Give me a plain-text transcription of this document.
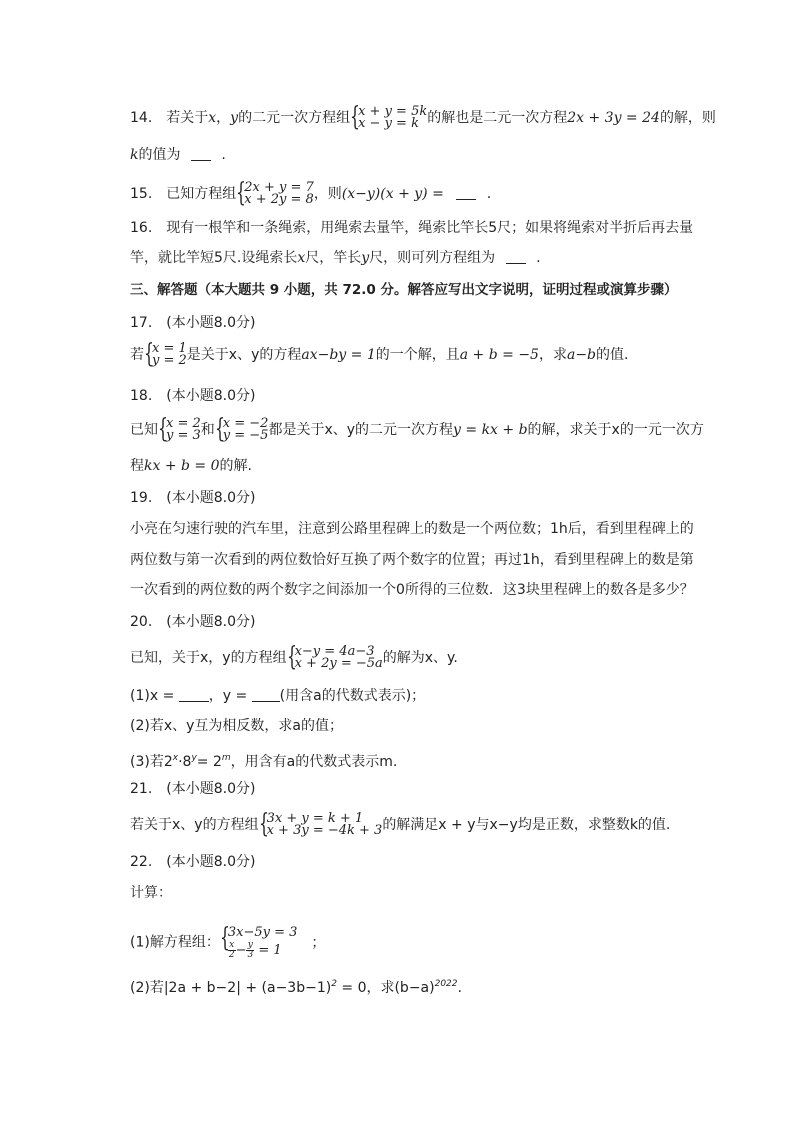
14. 若关于x，y的二元一次方程组 {
x + y = 5k
x − y = k 的解也是二元一次方程2x + 3y = 24的解，则
k的值为	.
15. 已知方程组 {
2x + y = 7
x + 2y = 8 ，则(x−y)(x + y) =	.
16. 现有一根竿和一条绳索，用绳索去量竿，绳索比竿长5尺；如果将绳索对半折后再去量
竿，就比竿短5尺.设绳索长x尺，竿长y尺，则可列方程组为	.
三、解答题（本大题共 9 小题，共 72.0 分。解答应写出文字说明，证明过程或演算步骤）
17.　(本小题8.0分)
若 {
x = 1
y = 2 是关于x、y的方程ax−by = 1的一个解，且a + b = −5，求a−b的值.
18.　(本小题8.0分)
已知 {
x = 2
y = 3 和 {
x = −2
y = −5 都是关于x、y的二元一次方程y = kx + b的解，求关于x的一元一次方
程kx + b = 0的解.
19.　(本小题8.0分)
小亮在匀速行驶的汽车里，注意到公路里程碑上的数是一个两位数；1h后，看到里程碑上的
两位数与第一次看到的两位数恰好互换了两个数字的位置；再过1h，看到里程碑上的数是第
一次看到的两位数的两个数字之间添加一个0所得的三位数．这3块里程碑上的数各是多少？
20.　(本小题8.0分)
已知，关于x，y的方程组 {
x−y = 4a−3
x + 2y = −5a 的解为x、y.
(1)x = ，y = (用含a的代数式表示)；
(2)若x、y互为相反数，求a的值；
(3)若$2^x\cdot 8^y= 2^m$，用含有a的代数式表示m.
21.　(本小题8.0分)
若关于x、y的方程组 {
3x + y = k + 1
x + 3y = −4k + 3 的解满足x + y与x−y均是正数，求整数k的值.
22.　(本小题8.0分)
计算：
(1)解方程组： {
3x−5y = 3
$\frac{x}{2} - \frac{y}{3} = 1$	；
(2)若$|2a + b-2| + (a-3b-1)^2 = 0$，求$(b-a)^{2022}$.
